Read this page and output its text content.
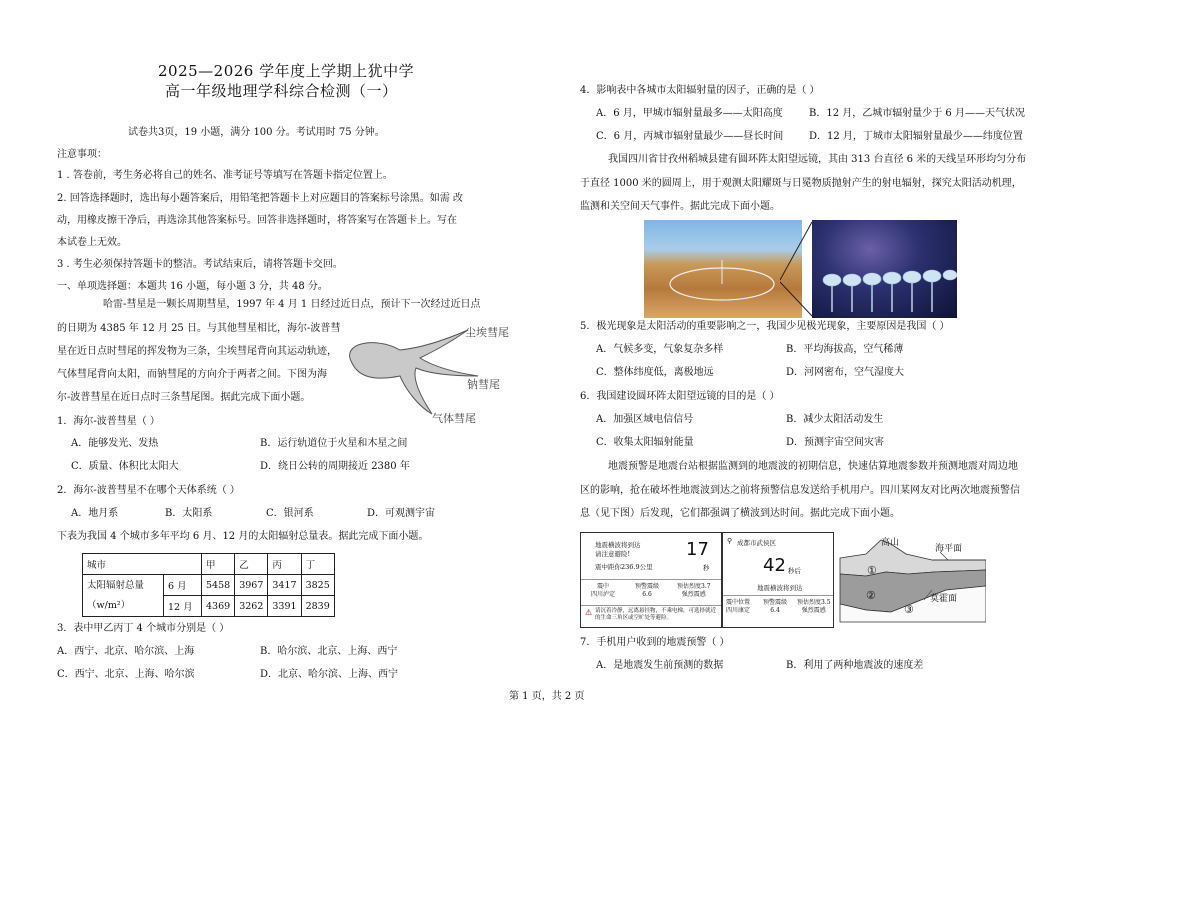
2025—2026 学年度上学期上犹中学
高一年级地理学科综合检测（一）
试卷共3页，19 小题，满分 100 分。考试用时 75 分钟。
注意事项：
1 . 答卷前，考生务必将自己的姓名、准考证号等填写在答题卡指定位置上。
2. 回答选择题时，选出每小题答案后，用铅笔把答题卡上对应题目的答案标号涂黑。如需 改
动，用橡皮擦干净后，再选涂其他答案标号。回答非选择题时，将答案写在答题卡上。写在
本试卷上无效。
3 . 考生必须保持答题卡的整洁。考试结束后，请将答题卡交回。
一、单项选择题：本题共 16 小题，每小题 3 分，共 48 分。
哈雷-彗星是一颗长周期彗星，1997 年 4 月 1 日经过近日点，预计下一次经过近日点
的日期为 4385 年 12 月 25 日。与其他彗星相比，海尔-波普彗
星在近日点时彗尾的挥发物为三条，尘埃彗尾背向其运动轨迹，
气体彗尾背向太阳，而钠彗尾的方向介于两者之间。下图为海
尔-波普彗星在近日点时三条彗尾图。据此完成下面小题。
尘埃彗尾
钠彗尾
气体彗尾
1．海尔-波普彗星（ ）
A．能够发光、发热	B．运行轨道位于火星和木星之间
C．质量、体积比太阳大	D．绕日公转的周期接近 2380 年
2．海尔-波普彗星不在哪个天体系统（ ）
A．地月系	B．太阳系	C．银河系	D．可观测宇宙
下表为我国 4 个城市多年平均 6 月、12 月的太阳辐射总量表。据此完成下面小题。
城市		甲	乙	丙	丁
太阳辐射总量
（w/m²）	6 月	5458	3967	3417	3825
	12 月	4369	3262	3391	2839
3．表中甲乙丙丁 4 个城市分别是（ ）
A．西宁、北京、哈尔滨、上海	B．哈尔滨、北京、上海、西宁
C．西宁、北京、上海、哈尔滨	D．北京、哈尔滨、上海、西宁
4．影响表中各城市太阳辐射量的因子，正确的是（ ）
A．6 月，甲城市辐射量最多——太阳高度	B．12 月，乙城市辐射量少于 6 月——天气状况
C．6 月，丙城市辐射量最少——昼长时间	D．12 月，丁城市太阳辐射量最少——纬度位置
我国四川省甘孜州稻城县建有圆环阵太阳望远镜，其由 313 台直径 6 米的天线呈环形均匀分布
于直径 1000 米的圆周上，用于观测太阳耀斑与日冕物质抛射产生的射电辐射，探究太阳活动机理，
监测和关空间天气事件。据此完成下面小题。
5．极光现象是太阳活动的重要影响之一，我国少见极光现象，主要原因是我国（ ）
A．气候多变，气象复杂多样	B．平均海拔高，空气稀薄
C．整体纬度低，离极地远	D．河网密布，空气湿度大
6．我国建设圆环阵太阳望远镜的目的是（ ）
A．加强区域电信信号	B．减少太阳活动发生
C．收集太阳辐射能量	D．预测宇宙空间灾害
地震预警是地震台站根据监测到的地震波的初期信息，快速估算地震参数并预测地震对周边地
区的影响，抢在破坏性地震波到达之前将预警信息发送给手机用户。四川某网友对比两次地震预警信
息（见下图）后发现，它们都强调了横波到达时间。据此完成下面小题。
地震横波将到达
请注意避险!
震中距你236.9公里
17
秒
震中
四川泸定
预警震级
6.6
预估烈度3.7
强烈震感
⚠ 请沉着冷静，远离悬挂物，不乘电梯，可选择就近的生命三角区或空旷处等避险。
⚲ 成都市武侯区
42 秒后
地震横波将到达
震中位置
四川康定
预警震级
6.4
预估烈度3.5
强烈震感
高山
海平面
①
②
③
莫霍面
7．手机用户收到的地震预警（ ）
A．是地震发生前预测的数据	B．利用了两种地震波的速度差
第 1 页，共 2 页
